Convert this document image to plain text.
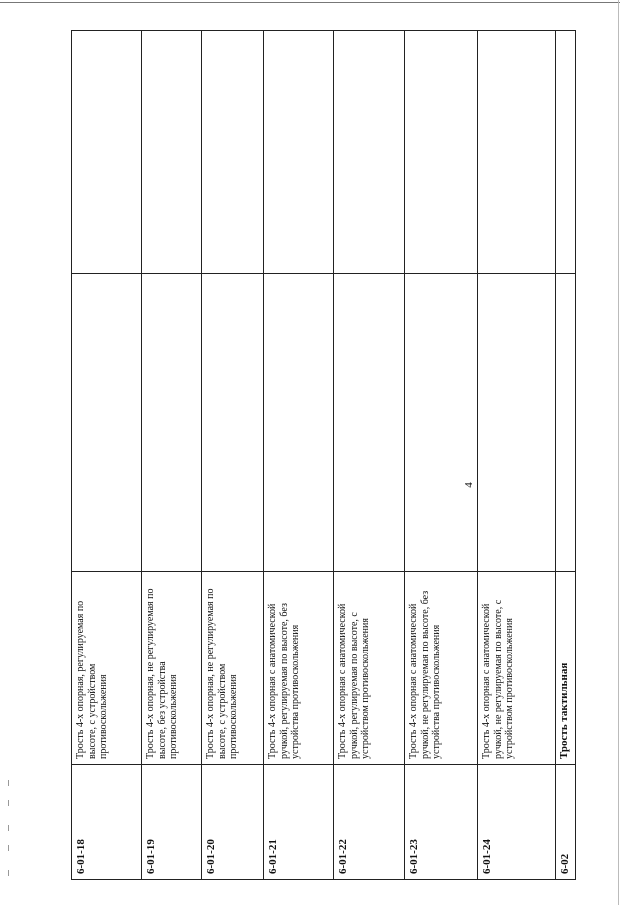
4
6-01-18
Трость 4-х опорная, регулируемая по высоте, с устройством противоскольжения
6-01-19
Трость 4-х опорная, не регулируемая по высоте, без устройства противоскольжения
6-01-20
Трость 4-х опорная, не регулируемая по высоте, с устройством противоскольжения
6-01-21
Трость 4-х опорная с анатомической ручкой, регулируемая по высоте, без устройства противоскольжения
6-01-22
Трость 4-х опорная с анатомической ручкой, регулируемая по высоте, с устройством противоскольжения
6-01-23
Трость 4-х опорная с анатомической ручкой, не регулируемая по высоте, без устройства противоскольжения
6-01-24
Трость 4-х опорная с анатомической ручкой, не регулируемая по высоте, с устройством противоскольжения
6-02
Трость тактильная
